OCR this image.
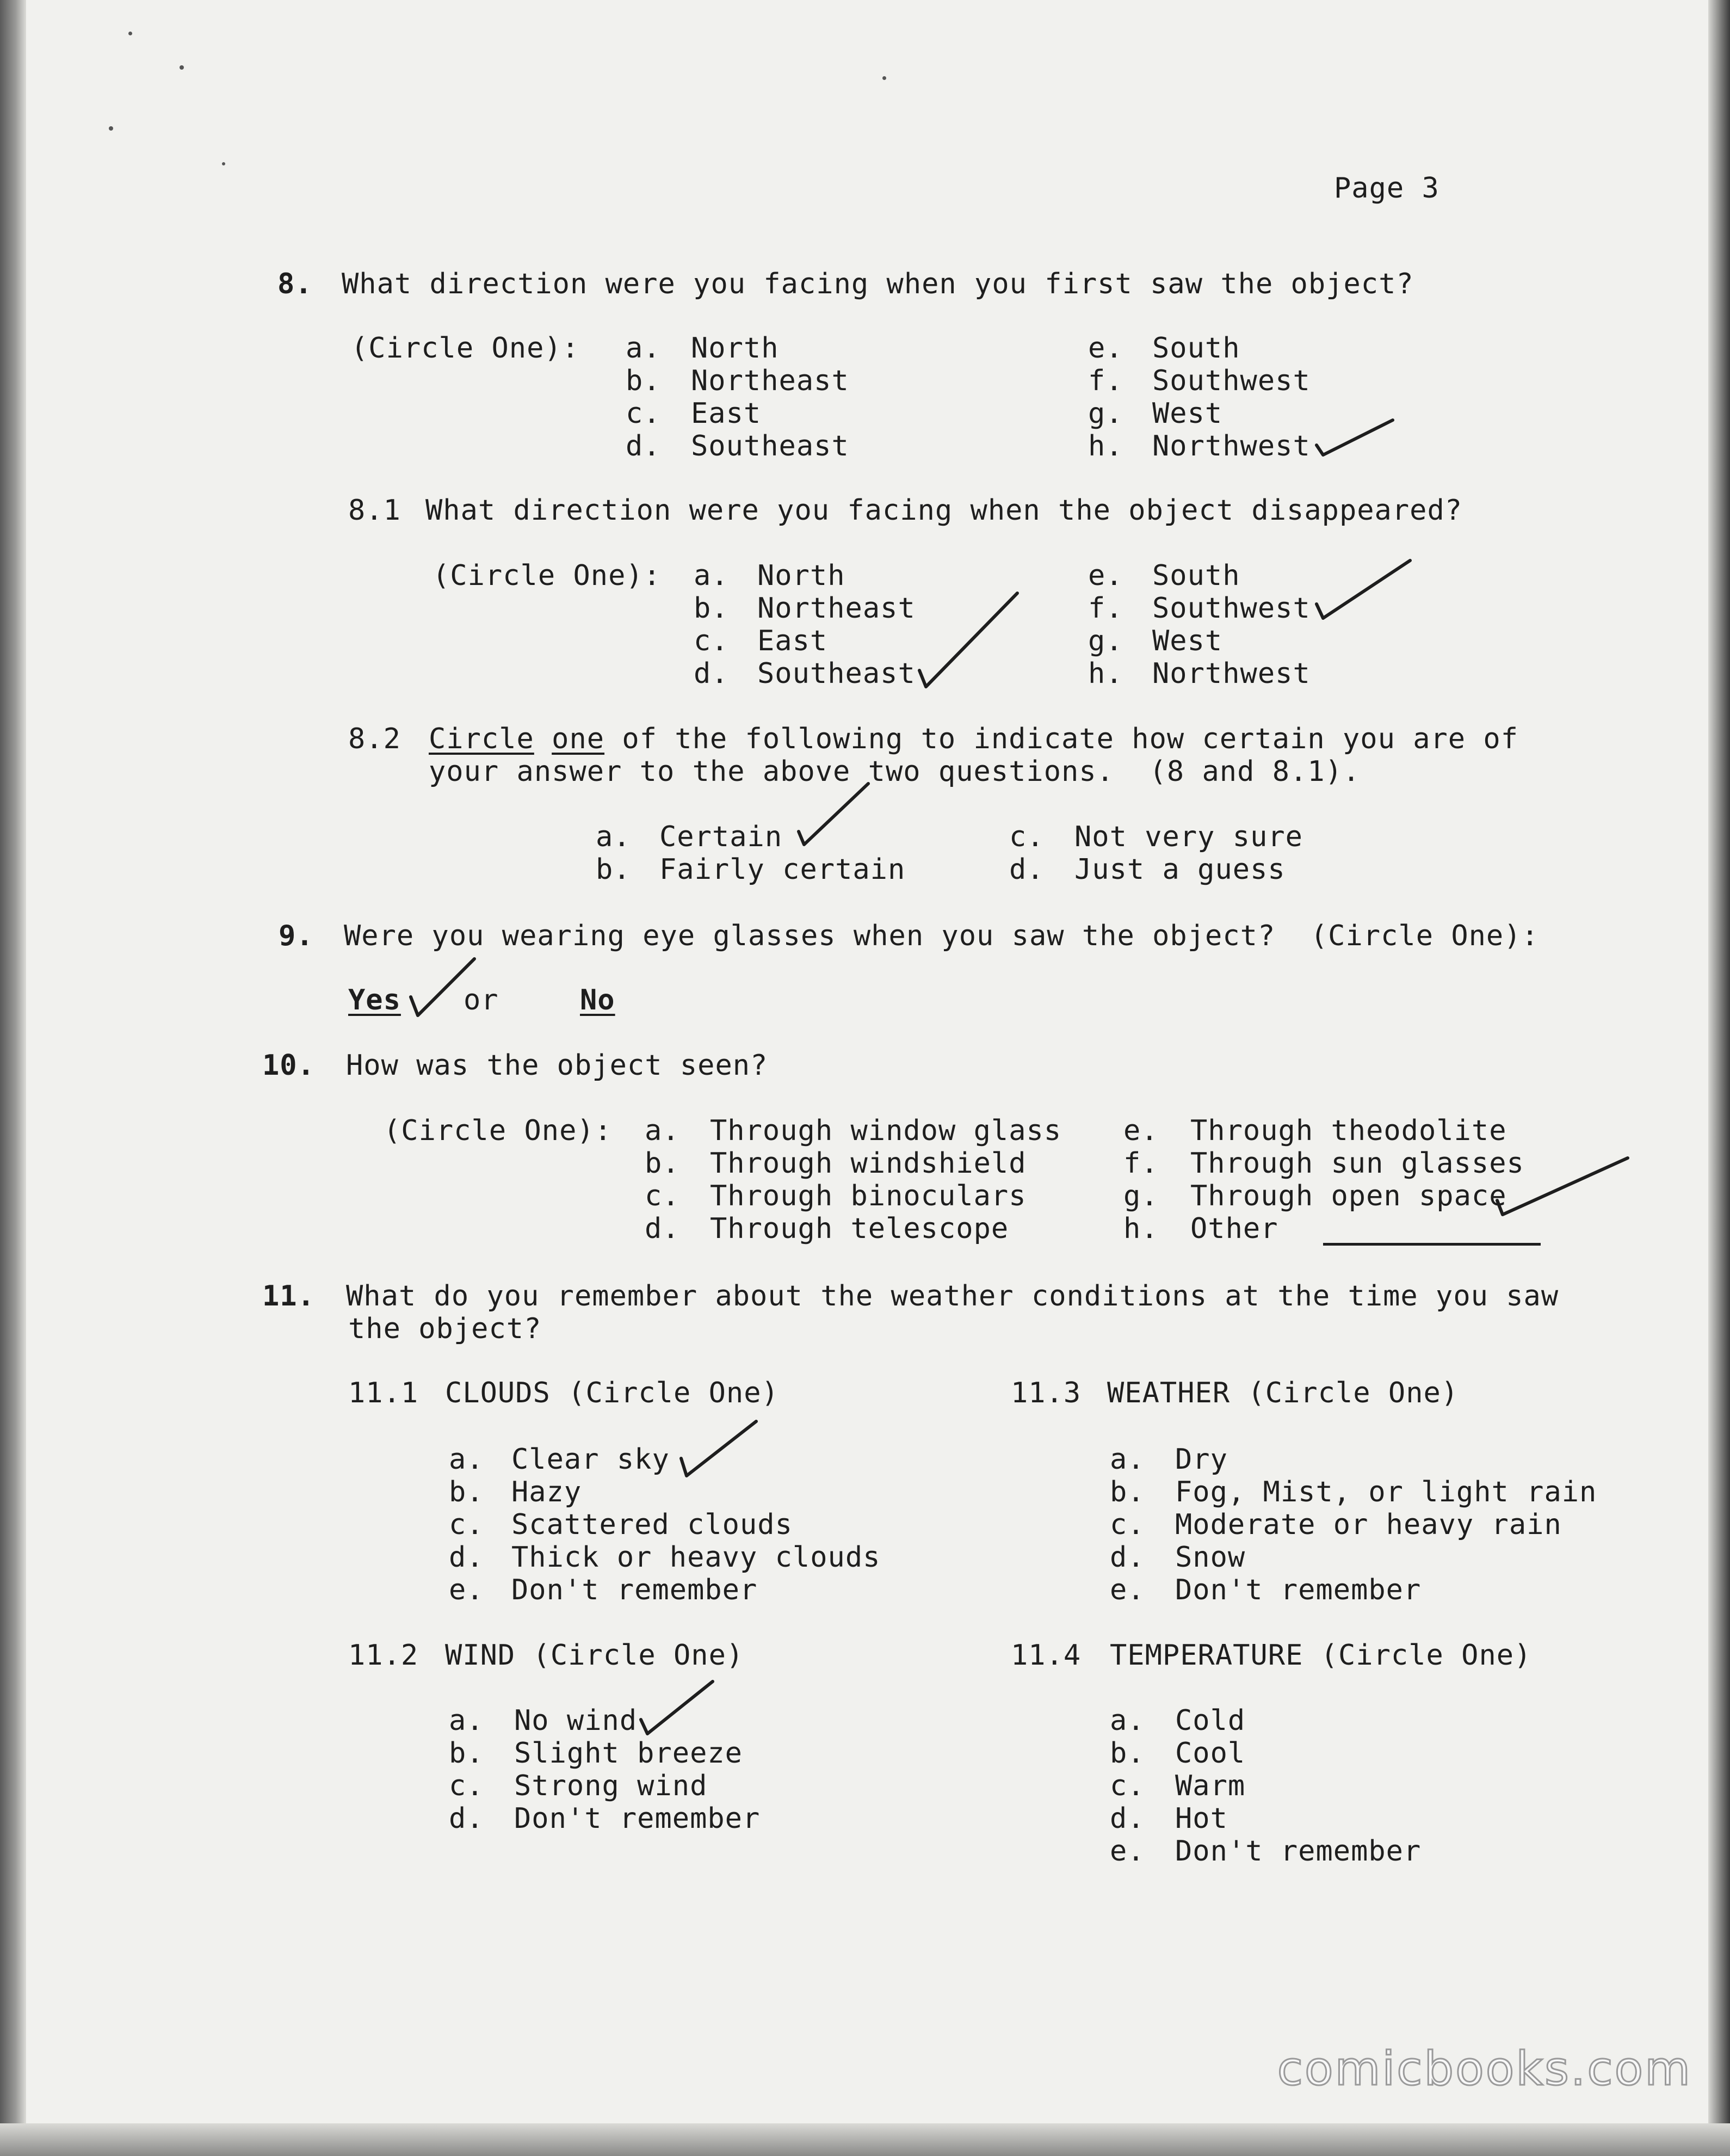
Page 3
8. What direction were you facing when you first saw the object?
(Circle One): a. North
b. Northeast
c. East
d. Southeast
e. South
f. Southwest
g. West
h. Northwest
8.1 What direction were you facing when the object disappeared?
(Circle One): a. North
b. Northeast
c. East
d. Southeast
e. South
f. Southwest
g. West
h. Northwest
8.2 Circle one of the following to indicate how certain you are of
your answer to the above two questions.  (8 and 8.1).
a. Certain
b. Fairly certain
c. Not very sure
d. Just a guess
9. Were you wearing eye glasses when you saw the object?  (Circle One):
Yes or	No
10. How was the object seen?
(Circle One): a. Through window glass
b. Through windshield
c. Through binoculars
d. Through telescope
e. Through theodolite
f. Through sun glasses
g. Through open space
h. Other
11. What do you remember about the weather conditions at the time you saw
the object?
11.1 CLOUDS (Circle One)
a. Clear sky
b. Hazy
c. Scattered clouds
d. Thick or heavy clouds
e. Don't remember
11.3 WEATHER (Circle One)
a. Dry
b. Fog, Mist, or light rain
c. Moderate or heavy rain
d. Snow
e. Don't remember
11.2 WIND (Circle One)
a. No wind
b. Slight breeze
c. Strong wind
d. Don't remember
11.4 TEMPERATURE (Circle One)
a. Cold
b. Cool
c. Warm
d. Hot
e. Don't remember
comicbooks.com
